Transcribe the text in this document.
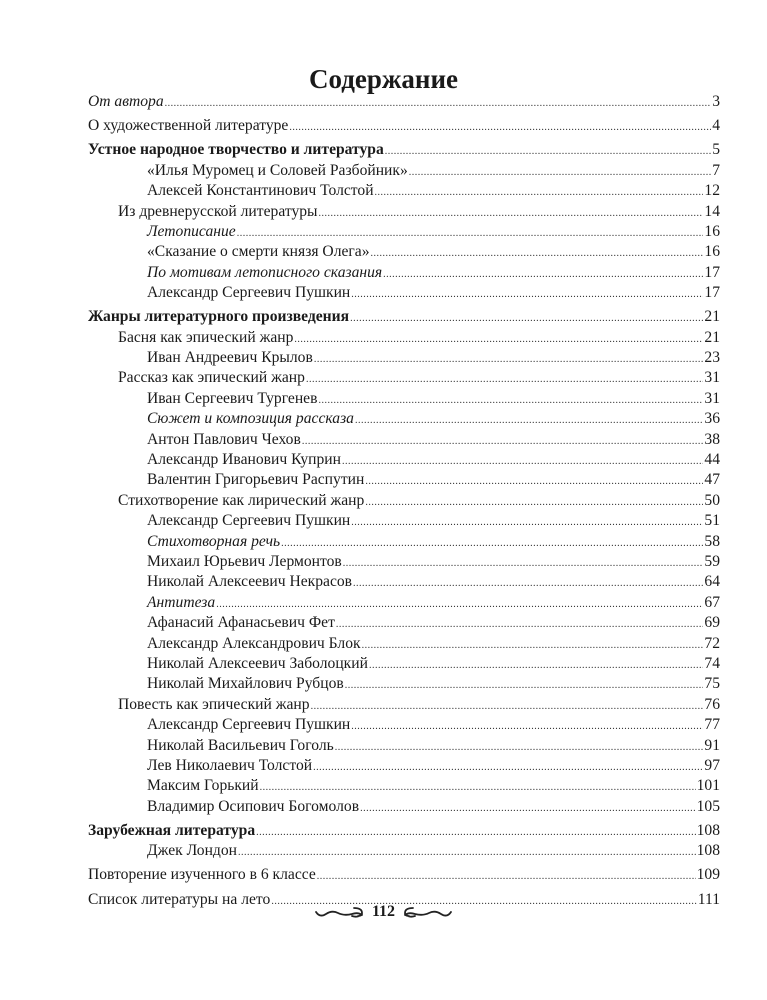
Содержание
От автора .....	3
О художественной литературе .....	4
Устное народное творчество и литература .....	5
«Илья Муромец и Соловей Разбойник» .....	7
Алексей Константинович Толстой .....	12
Из древнерусской литературы .....	14
Летописание .....	16
«Сказание о смерти князя Олега» .....	16
По мотивам летописного сказания .....	17
Александр Сергеевич Пушкин .....	17
Жанры литературного произведения .....	21
Басня как эпический жанр .....	21
Иван Андреевич Крылов .....	23
Рассказ как эпический жанр .....	31
Иван Сергеевич Тургенев .....	31
Сюжет и композиция рассказа .....	36
Антон Павлович Чехов .....	38
Александр Иванович Куприн .....	44
Валентин Григорьевич Распутин .....	47
Стихотворение как лирический жанр .....	50
Александр Сергеевич Пушкин .....	51
Стихотворная речь .....	58
Михаил Юрьевич Лермонтов .....	59
Николай Алексеевич Некрасов .....	64
Антитеза .....	67
Афанасий Афанасьевич Фет .....	69
Александр Александрович Блок .....	72
Николай Алексеевич Заболоцкий .....	74
Николай Михайлович Рубцов .....	75
Повесть как эпический жанр .....	76
Александр Сергеевич Пушкин .....	77
Николай Васильевич Гоголь .....	91
Лев Николаевич Толстой .....	97
Максим Горький .....	101
Владимир Осипович Богомолов .....	105
Зарубежная литература .....	108
Джек Лондон .....	108
Повторение изученного в 6 классе .....	109
Список литературы на лето .....	111
112
